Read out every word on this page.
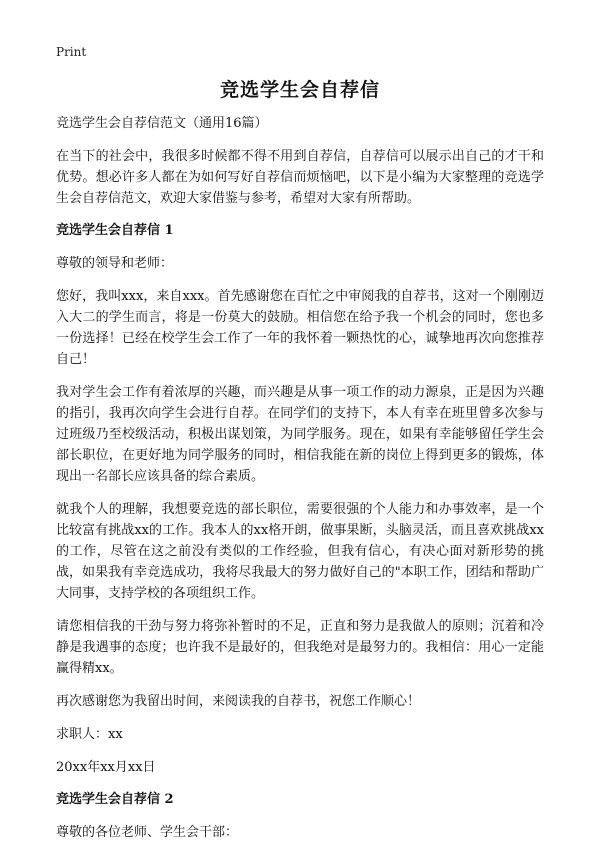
Print
竞选学生会自荐信
竞选学生会自荐信范文（通用16篇）
在当下的社会中，我很多时候都不得不用到自荐信，自荐信可以展示出自己的才干和优势。想必许多人都在为如何写好自荐信而烦恼吧，以下是小编为大家整理的竞选学生会自荐信范文，欢迎大家借鉴与参考，希望对大家有所帮助。
竞选学生会自荐信 1
尊敬的领导和老师：
您好，我叫xxx，来自xxx。首先感谢您在百忙之中审阅我的自荐书，这对一个刚刚迈入大二的学生而言，将是一份莫大的鼓励。相信您在给予我一个机会的同时，您也多一份选择！已经在校学生会工作了一年的我怀着一颗热忱的心，诚挚地再次向您推荐自己！
我对学生会工作有着浓厚的兴趣，而兴趣是从事一项工作的动力源泉，正是因为兴趣的指引，我再次向学生会进行自荐。在同学们的支持下，本人有幸在班里曾多次参与过班级乃至校级活动，积极出谋划策，为同学服务。现在，如果有幸能够留任学生会部长职位，在更好地为同学服务的同时，相信我能在新的岗位上得到更多的锻炼，体现出一名部长应该具备的综合素质。
就我个人的理解，我想要竞选的部长职位，需要很强的个人能力和办事效率，是一个比较富有挑战xx的工作。我本人的xx格开朗，做事果断，头脑灵活，而且喜欢挑战xx的工作，尽管在这之前没有类似的工作经验，但我有信心，有决心面对新形势的挑战，如果我有幸竞选成功，我将尽我最大的努力做好自己的"本职工作，团结和帮助广大同事，支持学校的各项组织工作。
请您相信我的干劲与努力将弥补暂时的不足，正直和努力是我做人的原则；沉着和冷静是我遇事的态度；也许我不是最好的，但我绝对是最努力的。我相信：用心一定能赢得精xx。
再次感谢您为我留出时间，来阅读我的自荐书，祝您工作顺心！
求职人：xx
20xx年xx月xx日
竞选学生会自荐信 2
尊敬的各位老师、学生会干部：
